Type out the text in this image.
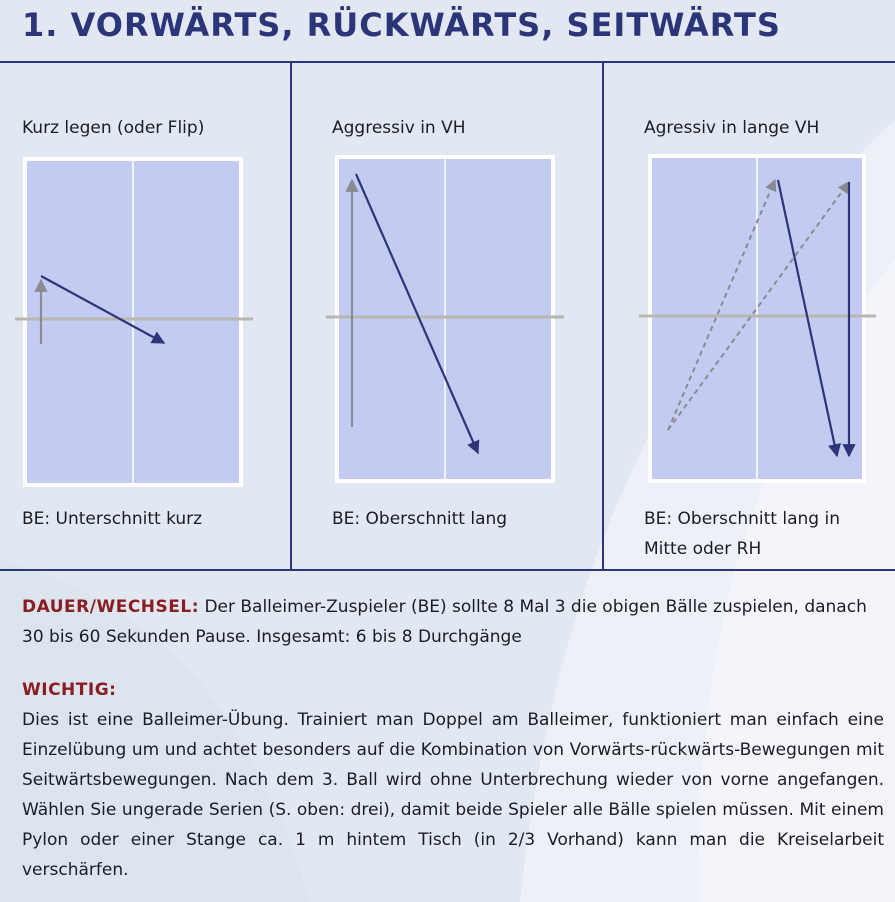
1. VORWÄRTS, RÜCKWÄRTS, SEITWÄRTS
Kurz legen (oder Flip)
BE: Unterschnitt kurz
Aggressiv in VH
BE: Oberschnitt lang
Agressiv in lange VH
BE: Oberschnitt lang in Mitte oder RH
DAUER/WECHSEL: Der Balleimer-Zuspieler (BE) sollte 8 Mal 3 die obigen Bälle zuspielen, danach 30 bis 60 Sekunden Pause. Insgesamt: 6 bis 8 Durchgänge
WICHTIG:
Dies ist eine Balleimer-Übung. Trainiert man Doppel am Balleimer, funktioniert man einfach eine Einzelübung um und achtet besonders auf die Kombination von Vorwärts-rückwärts-Bewegungen mit Seitwärtsbewegungen. Nach dem 3. Ball wird ohne Unterbrechung wieder von vorne angefangen. Wählen Sie ungerade Serien (S. oben: drei), damit beide Spieler alle Bälle spielen müssen. Mit einem Pylon oder einer Stange ca. 1 m hintem Tisch (in 2/3 Vorhand) kann man die Kreiselarbeit verschärfen.
